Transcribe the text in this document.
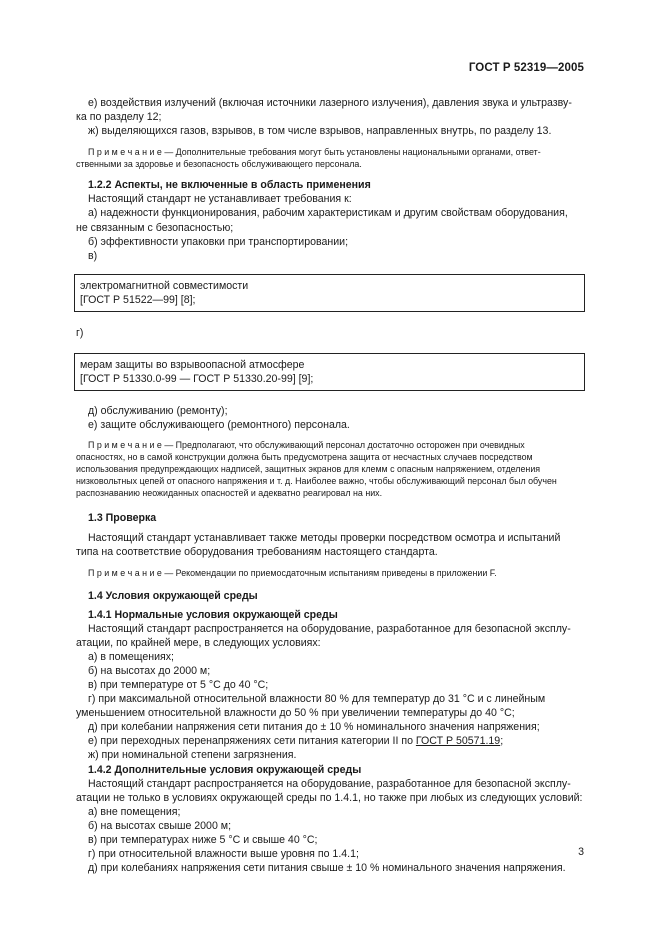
ГОСТ Р 52319—2005

е) воздействия излучений (включая источники лазерного излучения), давления звука и ультразву-

ка по разделу 12;

ж) выделяющихся газов, взрывов, в том числе взрывов, направленных внутрь, по разделу 13.

П р и м е ч а н и е — Дополнительные требования могут быть установлены национальными органами, ответ-

ственными за здоровье и безопасность обслуживающего персонала.

1.2.2 Аспекты, не включенные в область применения

Настоящий стандарт не устанавливает требования к:

а) надежности функционирования, рабочим характеристикам и другим свойствам оборудования,

не связанным с безопасностью;

б) эффективности упаковки при транспортировании;

в)

электромагнитной совместимости
[ГОСТ Р 51522—99] [8];

г)

мерам защиты во взрывоопасной атмосфере
[ГОСТ Р 51330.0-99 — ГОСТ Р 51330.20-99] [9];

д) обслуживанию (ремонту);

е) защите обслуживающего (ремонтного) персонала.

П р и м е ч а н и е — Предполагают, что обслуживающий персонал достаточно осторожен при очевидных

опасностях, но в самой конструкции должна быть предусмотрена защита от несчастных случаев посредством

использования предупреждающих надписей, защитных экранов для клемм с опасным напряжением, отделения

низковольтных цепей от опасного напряжения и т. д. Наиболее важно, чтобы обслуживающий персонал был обучен

распознаванию неожиданных опасностей и адекватно реагировал на них.

1.3 Проверка

Настоящий стандарт устанавливает также методы проверки посредством осмотра и испытаний

типа на соответствие оборудования требованиям настоящего стандарта.

П р и м е ч а н и е — Рекомендации по приемосдаточным испытаниям приведены в приложении F.

1.4 Условия окружающей среды

1.4.1 Нормальные условия окружающей среды

Настоящий стандарт распространяется на оборудование, разработанное для безопасной эксплу-

атации, по крайней мере, в следующих условиях:

а) в помещениях;

б) на высотах до 2000 м;

в) при температуре от 5 °С до 40 °С;

г) при максимальной относительной влажности 80 % для температур до 31 °С и с линейным

уменьшением относительной влажности до 50 % при увеличении температуры до 40 °С;

д) при колебании напряжения сети питания до ± 10 % номинального значения напряжения;

е) при переходных перенапряжениях сети питания категории II по ГОСТ Р 50571.19;

ж) при номинальной степени загрязнения.

1.4.2 Дополнительные условия окружающей среды

Настоящий стандарт распространяется на оборудование, разработанное для безопасной эксплу-

атации не только в условиях окружающей среды по 1.4.1, но также при любых из следующих условий:

а) вне помещения;

б) на высотах свыше 2000 м;

в) при температурах ниже 5 °С и свыше 40 °С;

г) при относительной влажности выше уровня по 1.4.1;

д) при колебаниях напряжения сети питания свыше ± 10 % номинального значения напряжения.

3
